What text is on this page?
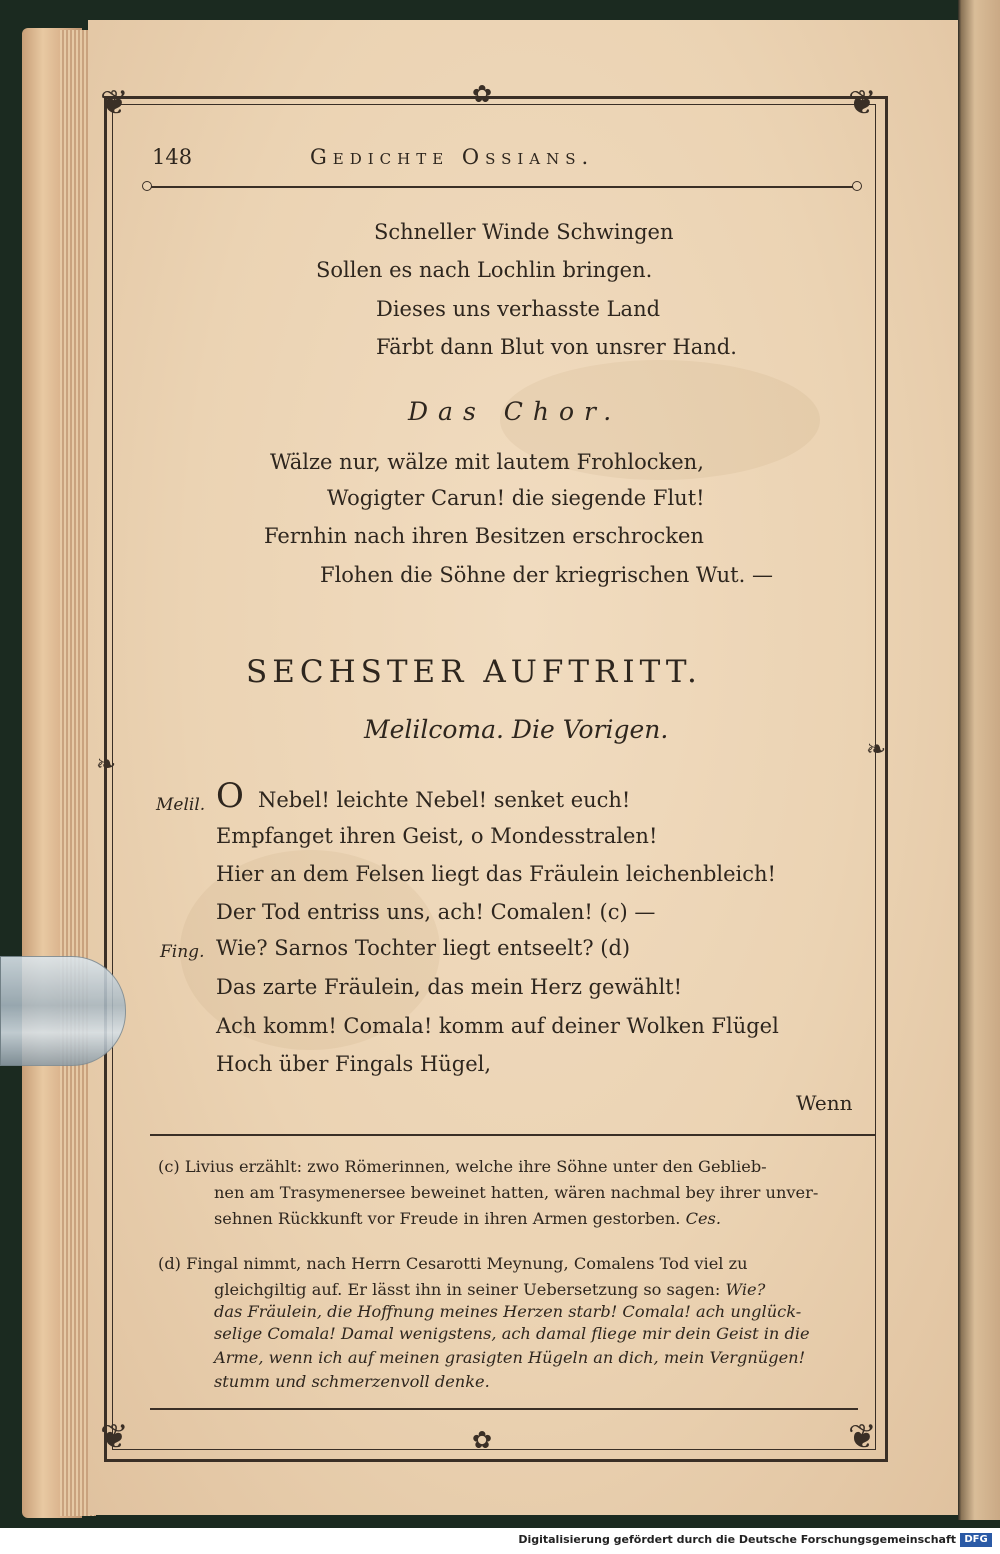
❦	❦
❦	❦
❧
❧
✿
✿
148	Gedichte Ossians.
Schneller Winde Schwingen
Sollen es nach Lochlin bringen.
Dieses uns verhasste Land
Färbt dann Blut von unsrer Hand.
Das Chor.
Wälze nur, wälze mit lautem Frohlocken,
Wogigter Carun! die siegende Flut!
Fernhin nach ihren Besitzen erschrocken
Flohen die Söhne der kriegrischen Wut. —
SECHSTER AUFTRITT.
Melilcoma. Die Vorigen.
Melil. O Nebel! leichte Nebel! senket euch!
Empfanget ihren Geist, o Mondesstralen!
Hier an dem Felsen liegt das Fräulein leichenbleich!
Der Tod entriss uns, ach! Comalen! (c) —
Fing. Wie? Sarnos Tochter liegt entseelt? (d)
Das zarte Fräulein, das mein Herz gewählt!
Ach komm! Comala! komm auf deiner Wolken Flügel
Hoch über Fingals Hügel,
Wenn
(c) Livius erzählt: zwo Römerinnen, welche ihre Söhne unter den Geblieb-
nen am Trasymenersee beweinet hatten, wären nachmal bey ihrer unver-
sehnen Rückkunft vor Freude in ihren Armen gestorben. Ces.
(d) Fingal nimmt, nach Herrn Cesarotti Meynung, Comalens Tod viel zu
gleichgiltig auf. Er lässt ihn in seiner Uebersetzung so sagen: Wie?
das Fräulein, die Hoffnung meines Herzen starb! Comala! ach unglück-
selige Comala! Damal wenigstens, ach damal fliege mir dein Geist in die
Arme, wenn ich auf meinen grasigten Hügeln an dich, mein Vergnügen!
stumm und schmerzenvoll denke.
Digitalisierung gefördert durch die Deutsche Forschungsgemeinschaft DFG
